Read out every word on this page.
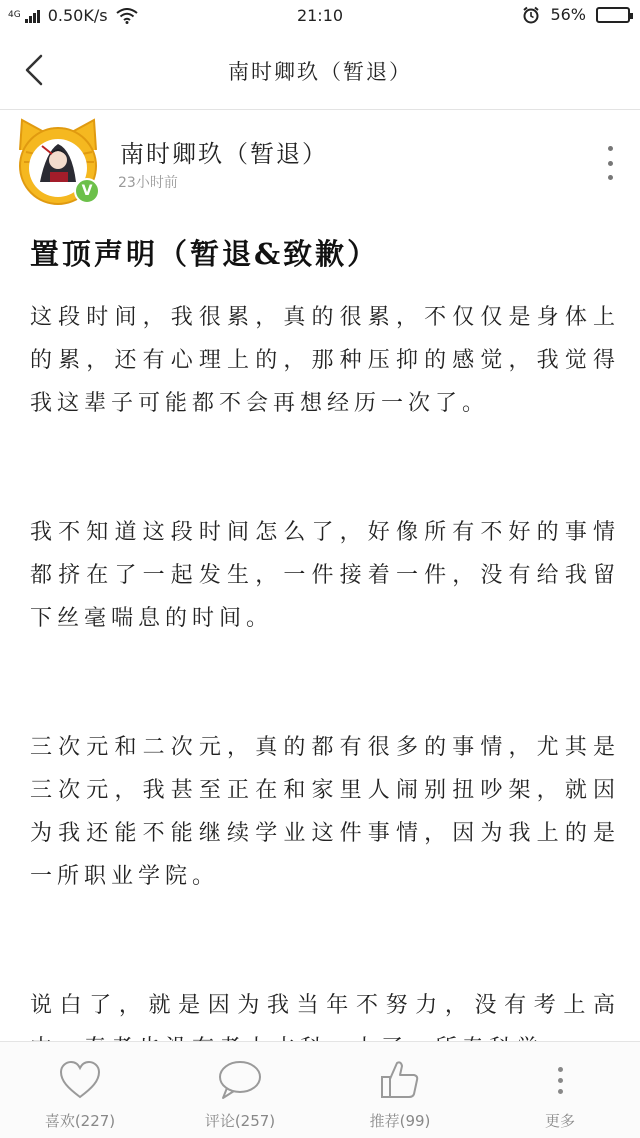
4G 0.50K/s	21:10	56%
南时卿玖（暂退）
V
南时卿玖（暂退）
23小时前
置顶声明（暂退&致歉）

这段时间，我很累，真的很累，不仅仅是身体上的累，还有心理上的，那种压抑的感觉，我觉得我这辈子可能都不会再想经历一次了。

我不知道这段时间怎么了，好像所有不好的事情都挤在了一起发生，一件接着一件，没有给我留下丝毫喘息的时间。

三次元和二次元，真的都有很多的事情，尤其是三次元，我甚至正在和家里人闹别扭吵架，就因为我还能不能继续学业这件事情，因为我上的是一所职业学院。

说白了，就是因为我当年不努力，没有考上高

喜欢(227)	评论(257)	推荐(99)	更多
